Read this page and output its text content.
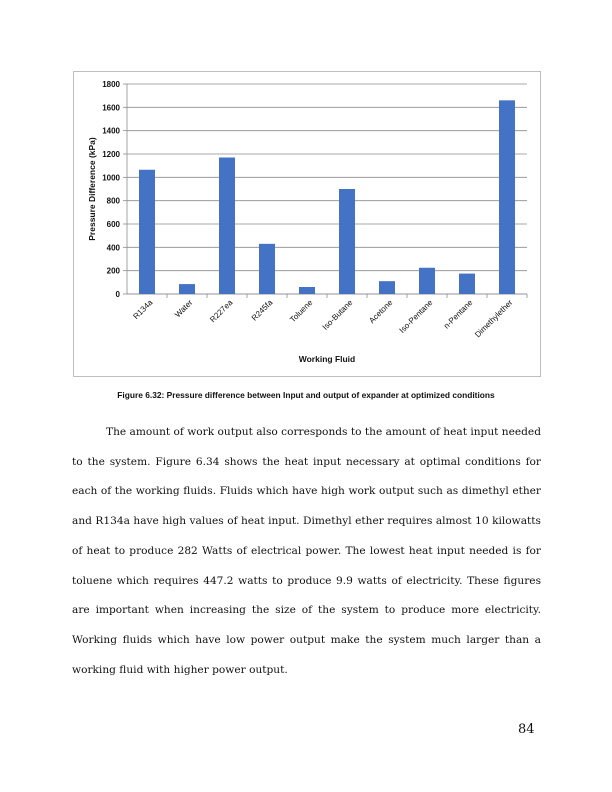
0
200
400
600
800
1000
1200
1400
1600
1800
R134a Water R227ea R245fa Toluene Iso-Butane Acetone Iso-Pentane n-Pentane
Dimethylether
Working Fluid
Pressure Difference (kPa)
Figure 6.32: Pressure difference between Input and output of expander at optimized conditions

The amount of work output also corresponds to the amount of heat input needed to the system. Figure 6.34 shows the heat input necessary at optimal conditions for each of the working fluids. Fluids which have high work output such as dimethyl ether and R134a have high values of heat input. Dimethyl ether requires almost 10 kilowatts of heat to produce 282 Watts of electrical power. The lowest heat input needed is for toluene which requires 447.2 watts to produce 9.9 watts of electricity. These figures are important when increasing the size of the system to produce more electricity. Working fluids which have low power output make the system much larger than a working fluid with higher power output.

84
